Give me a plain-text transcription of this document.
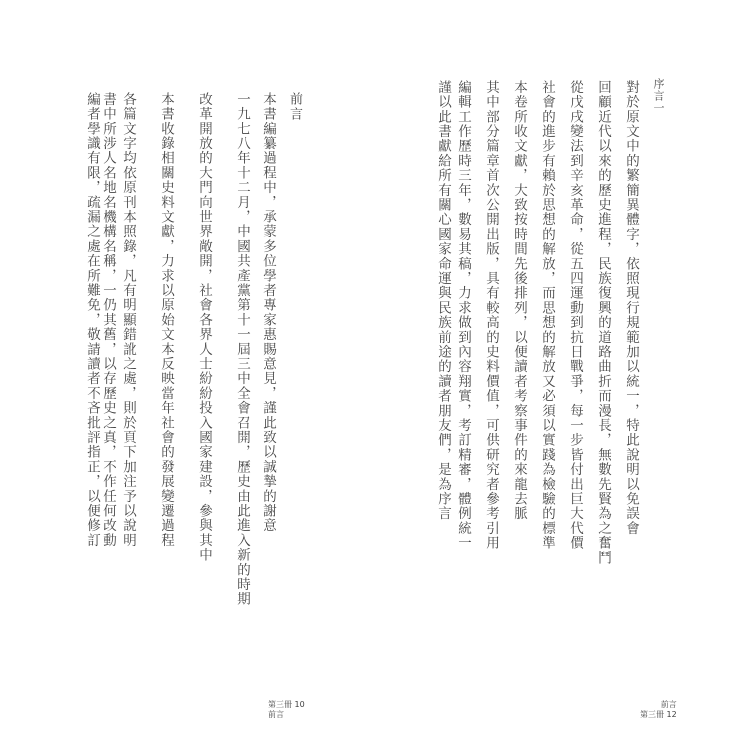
一九七八年十二月，中國共產黨第十一屆三中全會召開，歷史由此進入新的時期
改革開放的大門向世界敞開，社會各界人士紛紛投入國家建設，參與其中
本書收錄相關史料文獻，力求以原始文本反映當年社會的發展變遷過程
各篇文字均依原刊本照錄，凡有明顯錯訛之處，則於頁下加注予以說明
書中所涉人名地名機構名稱，一仍其舊，以存歷史之真，不作任何改動
編者學識有限，疏漏之處在所難免，敬請讀者不吝批評指正，以便修訂	本書編纂過程中，承蒙多位學者專家惠賜意見，謹此致以誠摯的謝意 前言
第三冊 10
前言
回顧近代以來的歷史進程，民族復興的道路曲折而漫長，無數先賢為之奮鬥
從戊戌變法到辛亥革命，從五四運動到抗日戰爭，每一步皆付出巨大代價
社會的進步有賴於思想的解放，而思想的解放又必須以實踐為檢驗的標準
本卷所收文獻，大致按時間先後排列，以便讀者考察事件的來龍去脈
其中部分篇章首次公開出版，具有較高的史料價值，可供研究者參考引用
編輯工作歷時三年，數易其稿，力求做到內容翔實，考訂精審，體例統一	對於原文中的繁簡異體字，依照現行規範加以統一，特此說明以免誤會
謹以此書獻給所有關心國家命運與民族前途的讀者朋友們，是為序言	序言一
前言
第三冊 12
